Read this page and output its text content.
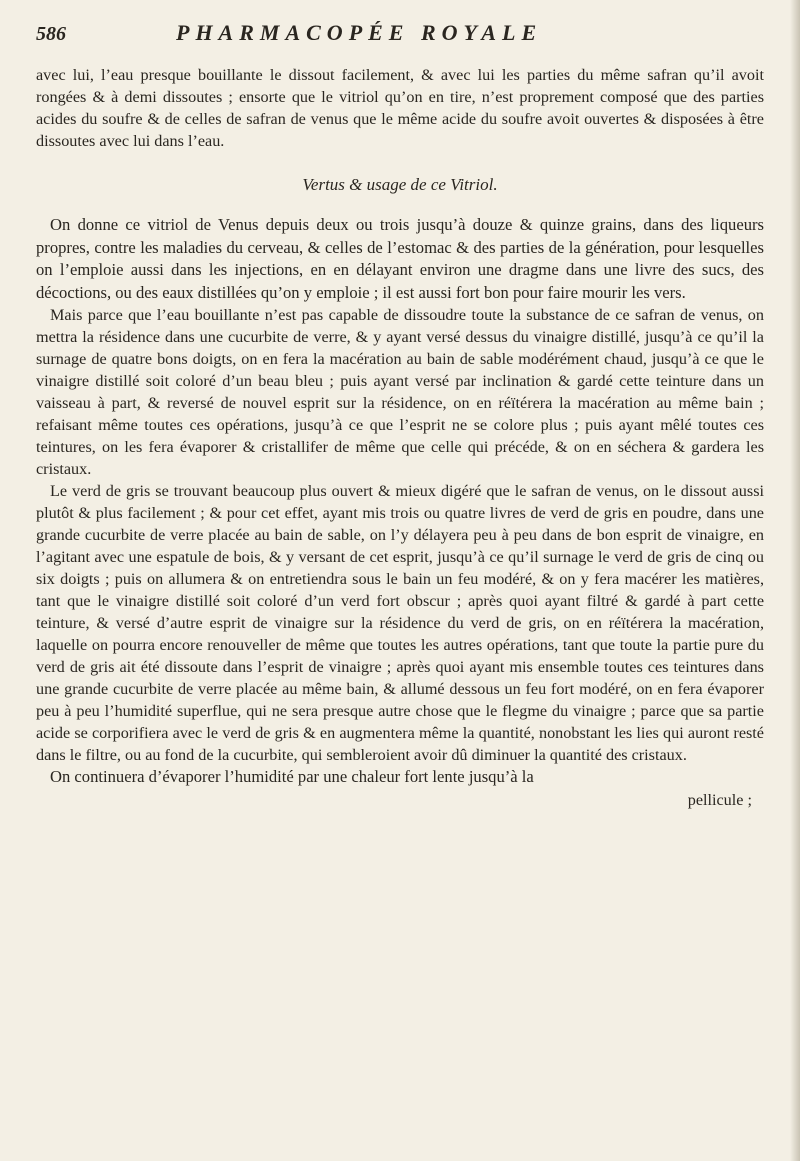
586	PHARMACOPÉE ROYALE

avec lui, l’eau presque bouillante le dissout facilement, & avec lui les parties du même safran qu’il avoit rongées & à demi dissoutes ; ensorte que le vitriol qu’on en tire, n’est proprement composé que des parties acides du soufre & de celles de safran de venus que le même acide du soufre avoit ouvertes & disposées à être dissoutes avec lui dans l’eau.

Vertus & usage de ce Vitriol.

On donne ce vitriol de Venus depuis deux ou trois jusqu’à douze & quinze grains, dans des liqueurs propres, contre les maladies du cerveau, & celles de l’estomac & des parties de la génération, pour lesquelles on l’emploie aussi dans les injections, en en délayant environ une dragme dans une livre des sucs, des décoctions, ou des eaux distillées qu’on y emploie ; il est aussi fort bon pour faire mourir les vers.

Mais parce que l’eau bouillante n’est pas capable de dissoudre toute la substance de ce safran de venus, on mettra la résidence dans une cucurbite de verre, & y ayant versé dessus du vinaigre distillé, jusqu’à ce qu’il la surnage de quatre bons doigts, on en fera la macération au bain de sable modérément chaud, jusqu’à ce que le vinaigre distillé soit coloré d’un beau bleu ; puis ayant versé par inclination & gardé cette teinture dans un vaisseau à part, & reversé de nouvel esprit sur la résidence, on en réïtérera la macération au même bain ; refaisant même toutes ces opérations, jusqu’à ce que l’esprit ne se colore plus ; puis ayant mêlé toutes ces teintures, on les fera évaporer & cristallifer de même que celle qui précéde, & on en séchera & gardera les cristaux.

Le verd de gris se trouvant beaucoup plus ouvert & mieux digéré que le safran de venus, on le dissout aussi plutôt & plus facilement ; & pour cet effet, ayant mis trois ou quatre livres de verd de gris en poudre, dans une grande cucurbite de verre placée au bain de sable, on l’y délayera peu à peu dans de bon esprit de vinaigre, en l’agitant avec une espatule de bois, & y versant de cet esprit, jusqu’à ce qu’il surnage le verd de gris de cinq ou six doigts ; puis on allumera & on entretiendra sous le bain un feu modéré, & on y fera macérer les matières, tant que le vinaigre distillé soit coloré d’un verd fort obscur ; après quoi ayant filtré & gardé à part cette teinture, & versé d’autre esprit de vinaigre sur la résidence du verd de gris, on en réïtérera la macération, laquelle on pourra encore renouveller de même que toutes les autres opérations, tant que toute la partie pure du verd de gris ait été dissoute dans l’esprit de vinaigre ; après quoi ayant mis ensemble toutes ces teintures dans une grande cucurbite de verre placée au même bain, & allumé dessous un feu fort modéré, on en fera évaporer peu à peu l’humidité superflue, qui ne sera presque autre chose que le flegme du vinaigre ; parce que sa partie acide se corporifiera avec le verd de gris & en augmentera même la quantité, nonobstant les lies qui auront resté dans le filtre, ou au fond de la cucurbite, qui sembleroient avoir dû diminuer la quantité des cristaux.

On continuera d’évaporer l’humidité par une chaleur fort lente jusqu’à la

pellicule ;
